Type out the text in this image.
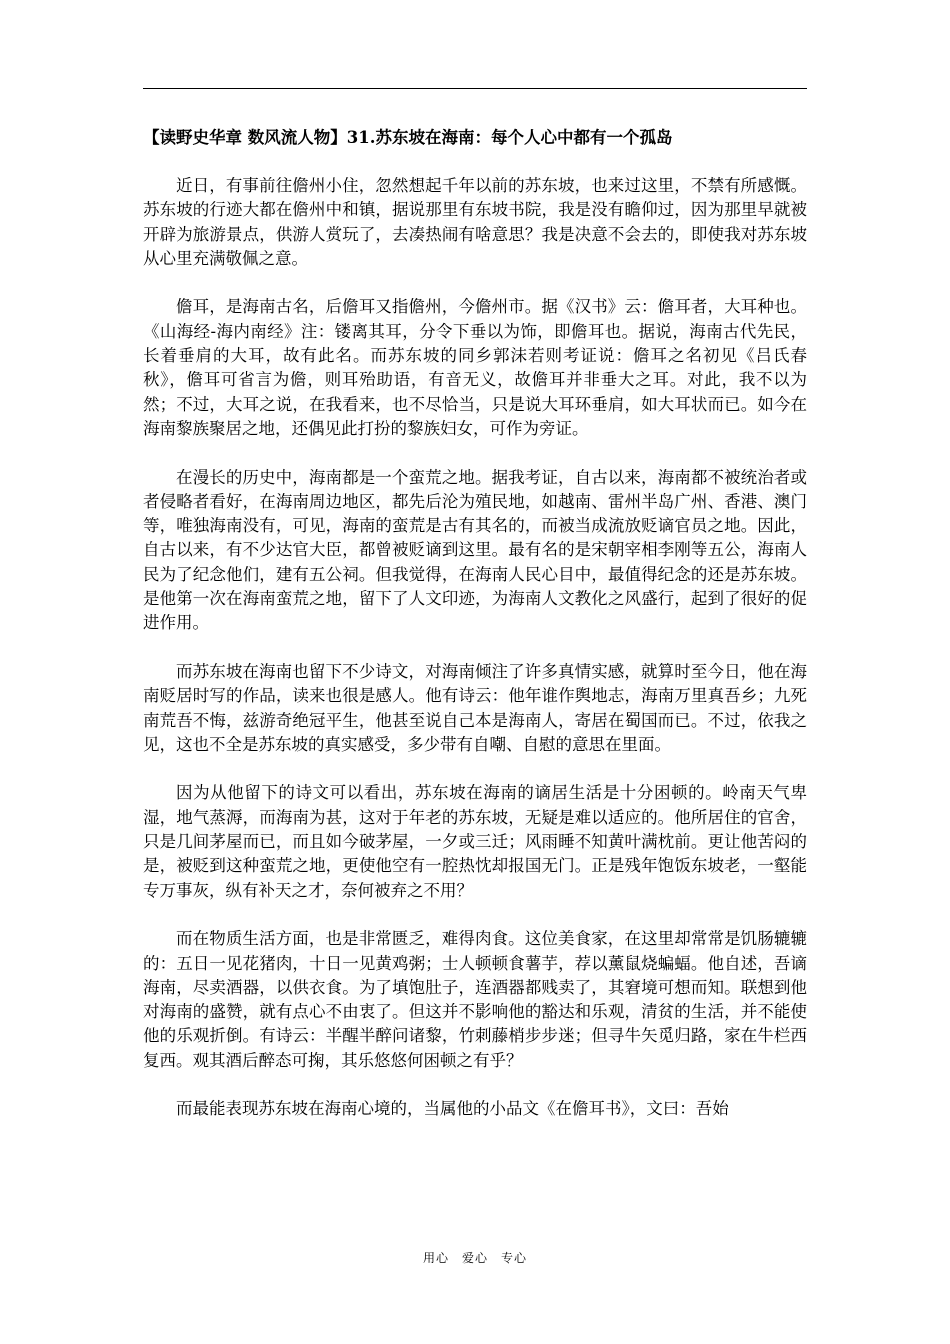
【读野史华章 数风流人物】31.苏东坡在海南：每个人心中都有一个孤岛

近日，有事前往儋州小住，忽然想起千年以前的苏东坡，也来过这里，不禁有所感慨。苏东坡的行迹大都在儋州中和镇，据说那里有东坡书院，我是没有瞻仰过，因为那里早就被开辟为旅游景点，供游人赏玩了，去凑热闹有啥意思？我是决意不会去的，即使我对苏东坡从心里充满敬佩之意。

儋耳，是海南古名，后儋耳又指儋州，今儋州市。据《汉书》云：儋耳者，大耳种也。《山海经-海内南经》注：镂离其耳，分令下垂以为饰，即儋耳也。据说，海南古代先民，长着垂肩的大耳，故有此名。而苏东坡的同乡郭沫若则考证说：儋耳之名初见《吕氏春秋》，儋耳可省言为儋，则耳殆助语，有音无义，故儋耳并非垂大之耳。对此，我不以为然；不过，大耳之说，在我看来，也不尽恰当，只是说大耳环垂肩，如大耳状而已。如今在海南黎族聚居之地，还偶见此打扮的黎族妇女，可作为旁证。

在漫长的历史中，海南都是一个蛮荒之地。据我考证，自古以来，海南都不被统治者或者侵略者看好，在海南周边地区，都先后沦为殖民地，如越南、雷州半岛广州、香港、澳门等，唯独海南没有，可见，海南的蛮荒是古有其名的，而被当成流放贬谪官员之地。因此，自古以来，有不少达官大臣，都曾被贬谪到这里。最有名的是宋朝宰相李刚等五公，海南人民为了纪念他们，建有五公祠。但我觉得，在海南人民心目中，最值得纪念的还是苏东坡。是他第一次在海南蛮荒之地，留下了人文印迹，为海南人文教化之风盛行，起到了很好的促进作用。

而苏东坡在海南也留下不少诗文，对海南倾注了许多真情实感，就算时至今日，他在海南贬居时写的作品，读来也很是感人。他有诗云：他年谁作舆地志，海南万里真吾乡；九死南荒吾不悔，兹游奇绝冠平生，他甚至说自己本是海南人，寄居在蜀国而已。不过，依我之见，这也不全是苏东坡的真实感受，多少带有自嘲、自慰的意思在里面。

因为从他留下的诗文可以看出，苏东坡在海南的谪居生活是十分困顿的。岭南天气卑湿，地气蒸溽，而海南为甚，这对于年老的苏东坡，无疑是难以适应的。他所居住的官舍，只是几间茅屋而已，而且如今破茅屋，一夕或三迁；风雨睡不知黄叶满枕前。更让他苦闷的是，被贬到这种蛮荒之地，更使他空有一腔热忱却报国无门。正是残年饱饭东坡老，一壑能专万事灰，纵有补天之才，奈何被弃之不用？

而在物质生活方面，也是非常匮乏，难得肉食。这位美食家，在这里却常常是饥肠辘辘的：五日一见花猪肉，十日一见黄鸡粥；士人顿顿食薯芋，荐以薰鼠烧蝙蝠。他自述，吾谪海南，尽卖酒器，以供衣食。为了填饱肚子，连酒器都贱卖了，其窘境可想而知。联想到他对海南的盛赞，就有点心不由衷了。但这并不影响他的豁达和乐观，清贫的生活，并不能使他的乐观折倒。有诗云：半醒半醉问诸黎，竹刺藤梢步步迷；但寻牛矢觅归路，家在牛栏西复西。观其酒后醉态可掬，其乐悠悠何困顿之有乎？

而最能表现苏东坡在海南心境的，当属他的小品文《在儋耳书》，文曰：吾始

用心　爱心　专心
